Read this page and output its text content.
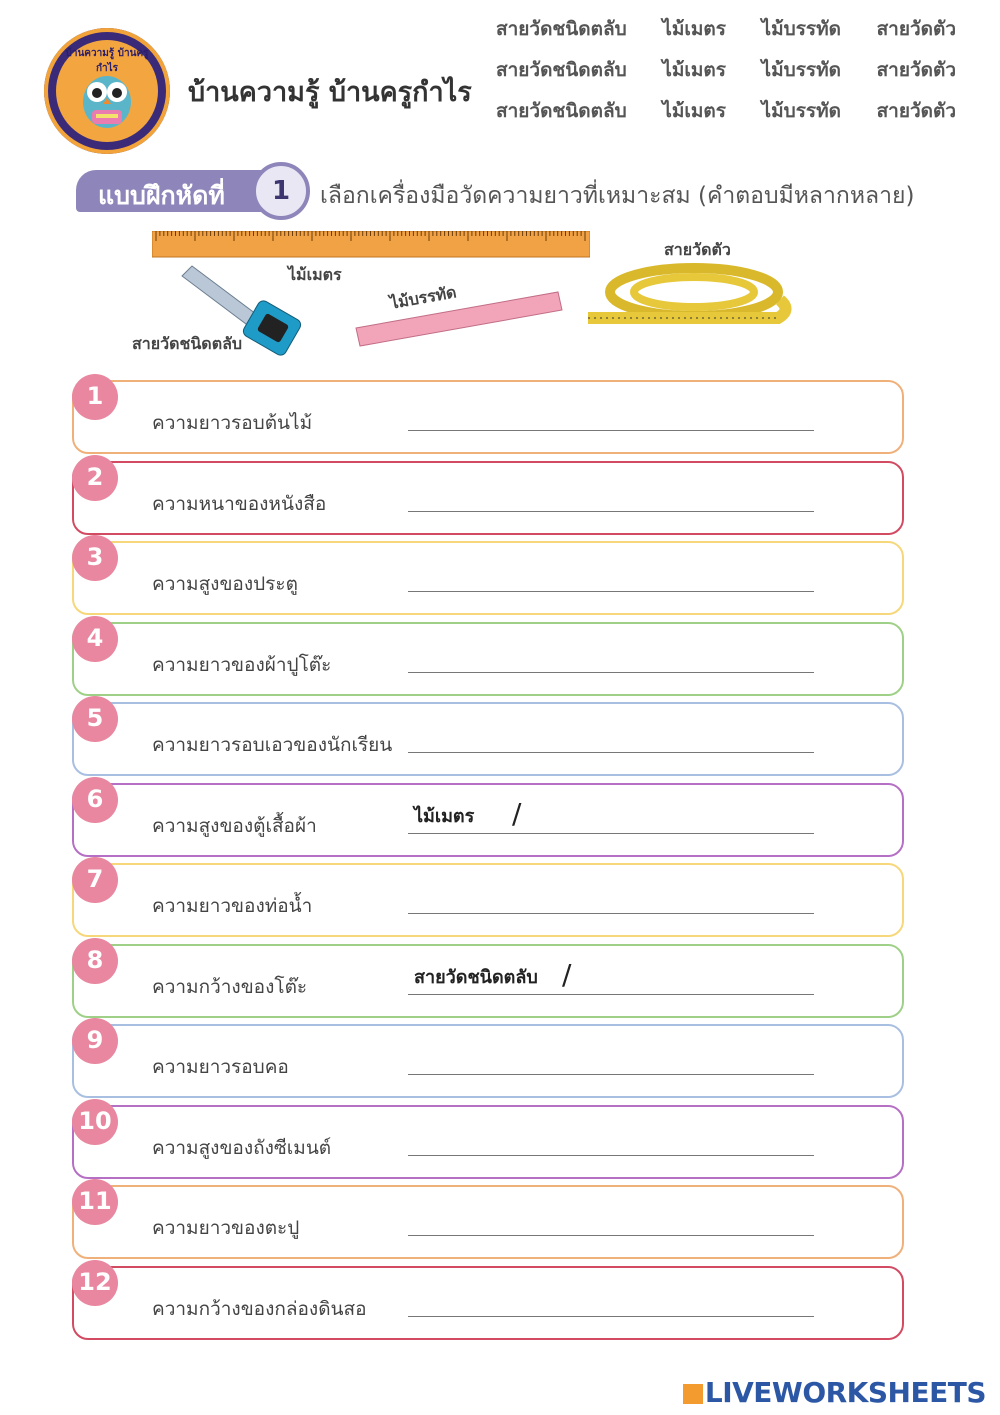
บ้านความรู้ บ้านครูกำไร
บ้านความรู้ บ้านครูกำไร
สายวัดชนิดตลับ ไม้เมตร ไม้บรรทัด สายวัดตัว
สายวัดชนิดตลับ ไม้เมตร ไม้บรรทัด สายวัดตัว
สายวัดชนิดตลับ ไม้เมตร ไม้บรรทัด สายวัดตัว
แบบฝึกหัดที่	1	เลือกเครื่องมือวัดความยาวที่เหมาะสม (คำตอบมีหลากหลาย)
ไม้เมตร
สายวัดชนิดตลับ
ไม้บรรทัด
สายวัดตัว
ความยาวรอบต้นไม้
1
ความหนาของหนังสือ
2
ความสูงของประตู
3
ความยาวของผ้าปูโต๊ะ
4
ความยาวรอบเอวของนักเรียน
5
ความสูงของตู้เสื้อผ้า	ไม้เมตร /
6
ความยาวของท่อน้ำ
7
ความกว้างของโต๊ะ	สายวัดชนิดตลับ /
8
ความยาวรอบคอ
9
ความสูงของถังซีเมนต์
10
ความยาวของตะปู
11
ความกว้างของกล่องดินสอ
12
LIVEWORKSHEETS
